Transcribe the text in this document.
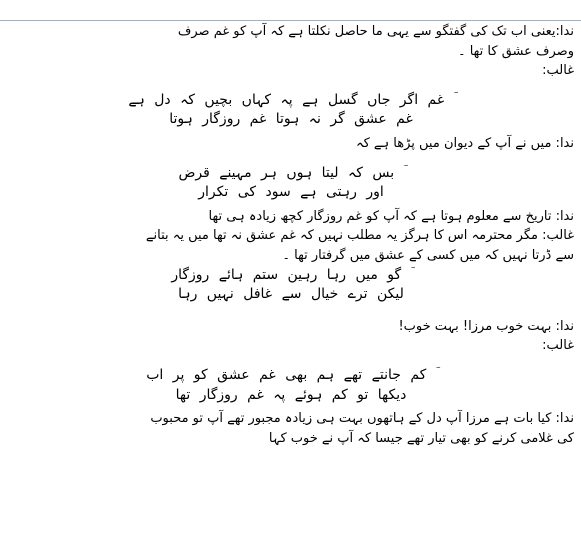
ندا:یعنی اب تک کی گفتگو سے یہی ما حاصل نکلتا ہے کہ آپ کو غم صرف
وصرف عشق کا تھا ۔
غالب:
ؔ غم اگر جاں گسل ہے پہ کہاں بچیں کہ دل ہے
غم عشق گر نہ ہوتا غم روزگار ہوتا
ندا: میں نے آپ کے دیوان میں پڑھا ہے کہ
ؔ بس کہ لیتا ہوں ہر مہینے قرض
اور رہتی ہے سود کی تکرار
ندا: تاریخ سے معلوم ہوتا ہے کہ آپ کو غم روزگار کچھ زیادہ ہی تھا
غالب: مگر محترمہ اس کا ہرگز یہ مطلب نہیں کہ غم عشق نہ تھا میں یہ بتانے
سے ڈرتا نہیں کہ میں کسی کے عشق میں گرفتار تھا ۔
ؔ گو میں رہا رہین ستم ہائے روزگار
لیکن ترے خیال سے غافل نہیں رہا
ندا: بہت خوب مرزا! بہت خوب!
غالب:
ؔ کم جانتے تھے ہم بھی غم عشق کو پر اب
دیکھا تو کم ہوئے پہ غم روزگار تھا
ندا: کیا بات ہے مرزا آپ دل کے ہاتھوں بہت ہی زیادہ مجبور تھے آپ تو محبوب
کی غلامی کرنے کو بھی تیار تھے جیسا کہ آپ نے خوب کہا
